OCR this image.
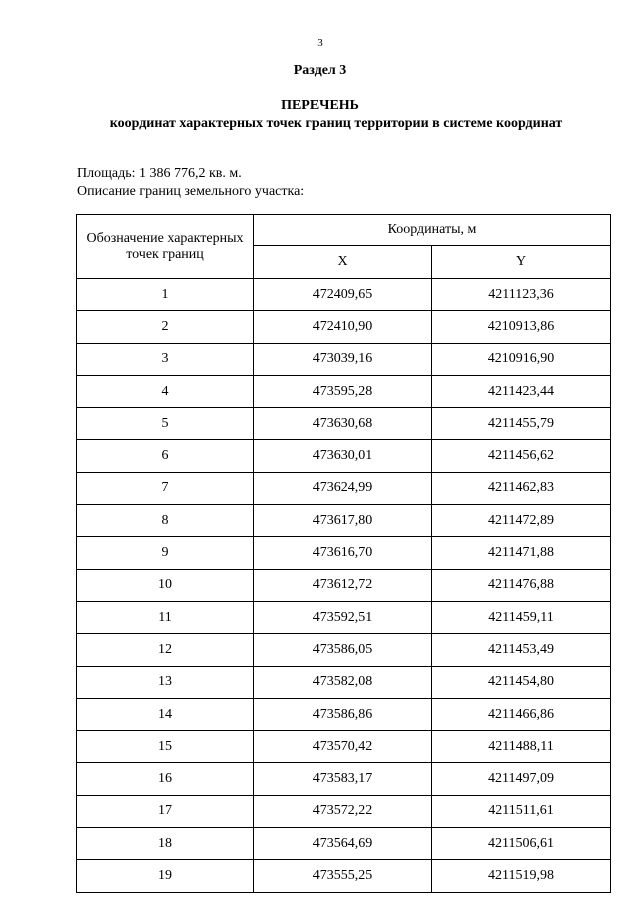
3
Раздел 3
ПЕРЕЧЕНЬ
координат характерных точек границ территории в системе координат
Площадь: 1 386 776,2 кв. м.
Описание границ земельного участка:
Обозначение характерных точек границ	Координаты, м	
	X	Y
1	472409,65	4211123,36
2	472410,90	4210913,86
3	473039,16	4210916,90
4	473595,28	4211423,44
5	473630,68	4211455,79
6	473630,01	4211456,62
7	473624,99	4211462,83
8	473617,80	4211472,89
9	473616,70	4211471,88
10	473612,72	4211476,88
11	473592,51	4211459,11
12	473586,05	4211453,49
13	473582,08	4211454,80
14	473586,86	4211466,86
15	473570,42	4211488,11
16	473583,17	4211497,09
17	473572,22	4211511,61
18	473564,69	4211506,61
19	473555,25	4211519,98
